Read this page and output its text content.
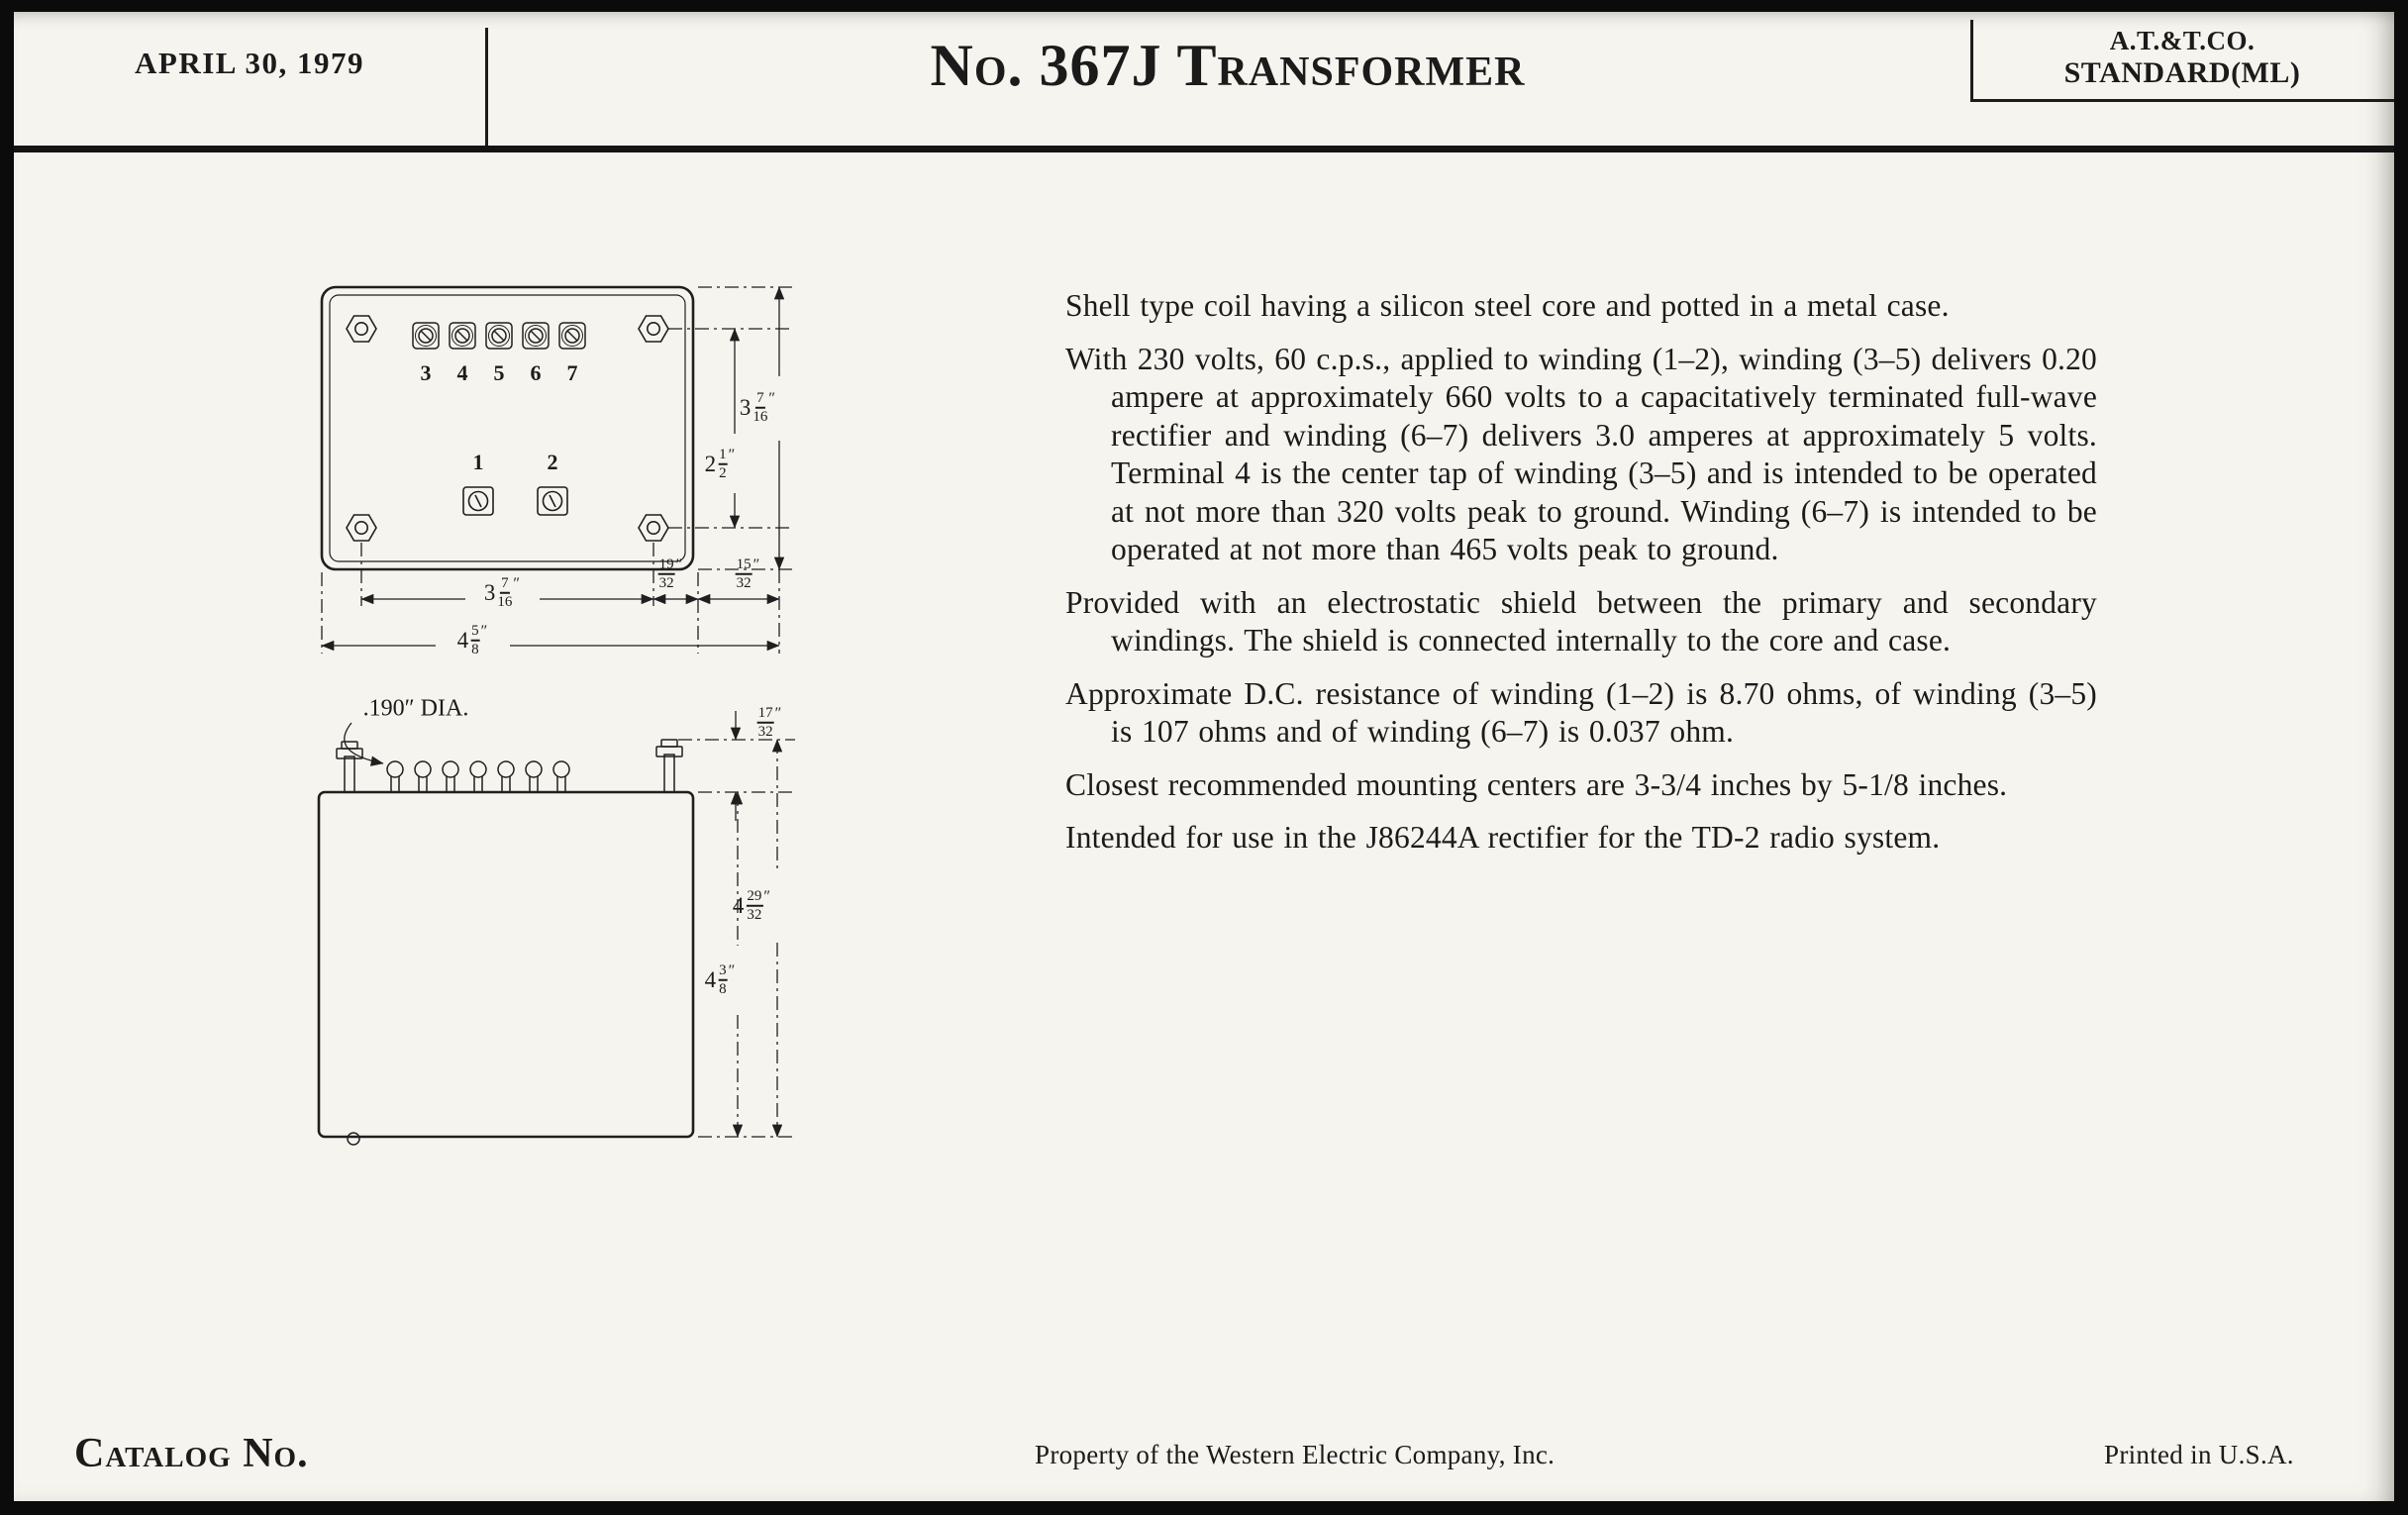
APRIL 30, 1979	No. 367J Transformer	A.T.&T.CO.
STANDARD(ML)
3 4 5 6 7
1	2
3 7
16
″
2 1
2
″
3 7
16
″
19
32
″	15
32
″
4 5
8
″
.190″ DIA.	17
32
″
4 29
32
″
4 3
8
″

Shell type coil having a silicon steel core and potted in a metal case.

With 230 volts, 60 c.p.s., applied to winding (1–2), winding (3–5) delivers 0.20 ampere at approximately 660 volts to a capacitatively terminated full-wave rectifier and winding (6–7) delivers 3.0 amperes at approximately 5 volts. Terminal 4 is the center tap of winding (3–5) and is intended to be operated at not more than 320 volts peak to ground. Winding (6–7) is intended to be operated at not more than 465 volts peak to ground.

Provided with an electrostatic shield between the primary and secondary windings. The shield is connected internally to the core and case.

Approximate D.C. resistance of winding (1–2) is 8.70 ohms, of winding (3–5) is 107 ohms and of winding (6–7) is 0.037 ohm.

Closest recommended mounting centers are 3-3/4 inches by 5-1/8 inches.

Intended for use in the J86244A rectifier for the TD-2 radio system.

Catalog No.	Property of the Western Electric Company, Inc.	Printed in U.S.A.
